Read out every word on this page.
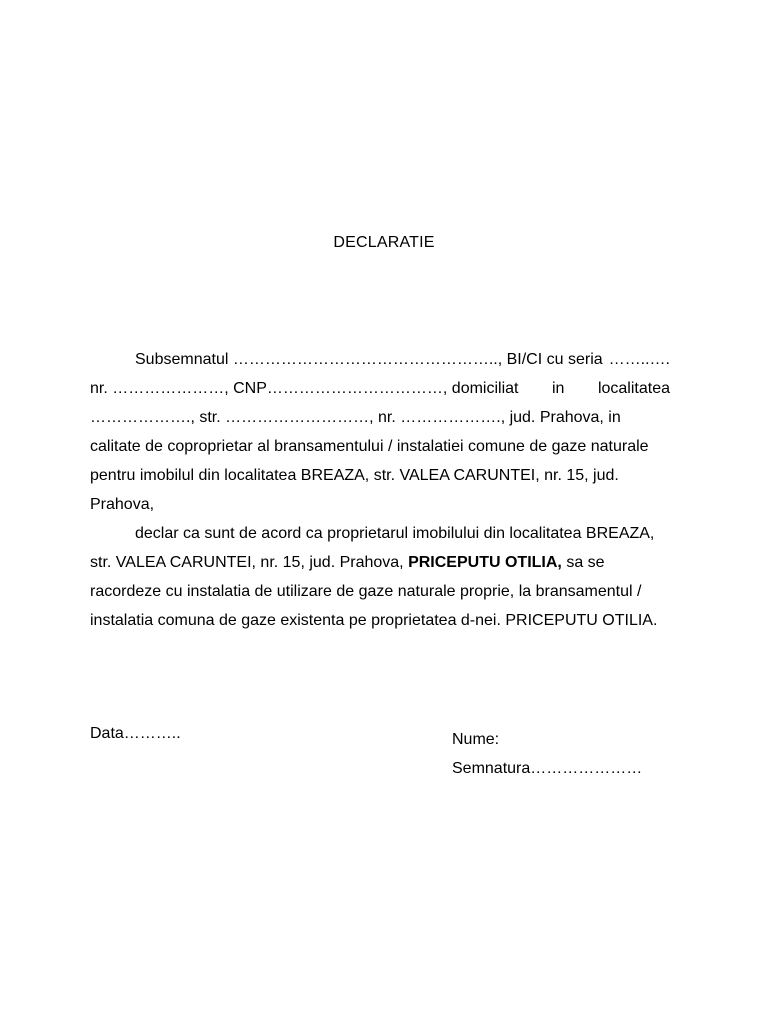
DECLARATIE
Subsemnatul ………………………………………….., BI/CI cu seria ……..….
nr. …………………, CNP……………………………, domiciliat in localitatea
………………., str. ………………………, nr. ………………., jud. Prahova, in
calitate de coproprietar al bransamentului / instalatiei comune de gaze naturale
pentru imobilul din localitatea BREAZA, str. VALEA CARUNTEI, nr. 15, jud.
Prahova,
declar ca sunt de acord ca proprietarul imobilului din localitatea BREAZA,
str. VALEA CARUNTEI, nr. 15, jud. Prahova, PRICEPUTU OTILIA, sa se
racordeze cu instalatia de utilizare de gaze naturale proprie, la bransamentul /
instalatia comuna de gaze existenta pe proprietatea d-nei. PRICEPUTU OTILIA.
Data………..	Nume:
Semnatura…………………
